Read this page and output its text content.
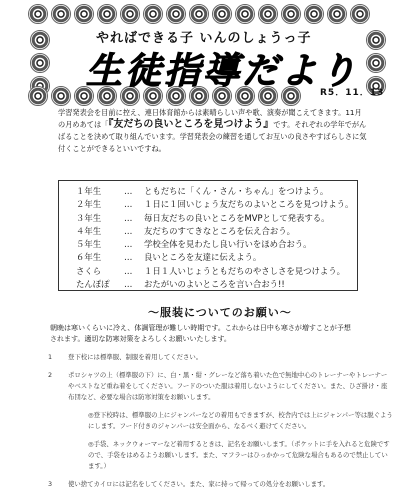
やればできる子 いんのしょうっ子
生徒指導だより
R5．11．13
学習発表会を目前に控え、連日体育館からは素晴らしい声や歌、演奏が聞こえてきます。11月
の月めあては「『友だちの良いところを見つけよう』です。それぞれの学年でがん
ばることを決めて取り組んでいます。学習発表会の練習を通してお互いの良さやすばらしさに気
付くことができるといいですね。
１年生	…	ともだちに「くん・さん・ちゃん」をつけよう。
２年生	…	１日に１回いじょう友だちのよいところを見つけよう。
３年生	…	毎日友だちの良いところをMVPとして発表する。
４年生	…	友だちのすてきなところを伝え合おう。
５年生	…	学校全体を見わたし良い行いをほめ合おう。
６年生	…	良いところを友達に伝えよう。
さくら	…	１日１人いじょうともだちのやさしさを見つけよう。
たんぽぽ	…	おたがいのよいところを言い合おう!!
～服装についてのお願い～
朝晩は寒いくらいに冷え、体調管理が難しい時期です。これからは日中も寒さが増すことが予想
されます。適切な防寒対策をよろしくお願いいたします。
1	登下校には標準服、制服を着用してください。
2	ポロシャツの上（標準服の下）に、白・黒・紺・グレーなど落ち着いた色で無地中心のトレーナーやトレーナーやベストなど重ね着をしてください。フードのついた服は着用しないようにしてください。また、ひざ掛け・座布団など、必要な場合は防寒対策をお願いします。
◎登下校時は、標準服の上にジャンパーなどの着用もできますが、校舎内では上にジャンパー等は脱ぐようにします。フード付きのジャンパーは安全面から、なるべく避けてください。
◎手袋、ネックウォーマーなど着用するときは、記名をお願いします。（ポケットに手を入れると危険ですので、手袋をはめるようお願いします。また、マフラーはひっかかって危険な場合もあるので禁止しています。）
3	使い捨てカイロには記名をしてください。また、家に持って帰っての処分をお願いします。
